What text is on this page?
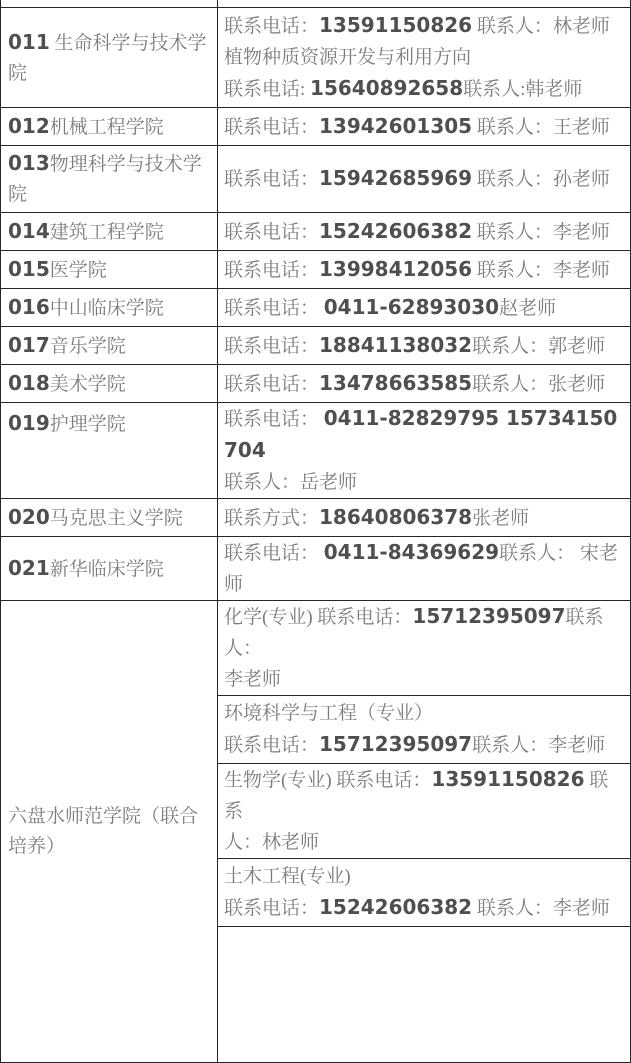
011 生命科学与技术学院	联系电话：13591150826 联系人：林老师
植物种质资源开发与利用方向
联系电话: 15640892658联系人:韩老师

012机械工程学院	联系电话：13942601305 联系人：王老师

013物理科学与技术学院	联系电话：15942685969 联系人：孙老师

014建筑工程学院	联系电话：15242606382 联系人：李老师

015医学院	联系电话：13998412056 联系人：李老师

016中山临床学院	联系电话： 0411-62893030赵老师

017音乐学院	联系电话：18841138032联系人：郭老师

018美术学院	联系电话：13478663585联系人：张老师

019护理学院	联系电话： 0411-82829795 15734150704
联系人：岳老师

020马克思主义学院	联系方式：18640806378张老师

021新华临床学院	联系电话： 0411-84369629联系人： 宋老师

六盘水师范学院（联合培养）	化学(专业) 联系电话：15712395097联系人：
李老师

	环境科学与工程（专业）
联系电话：15712395097联系人：李老师

	生物学(专业) 联系电话：13591150826 联系
人：林老师

	土木工程(专业)
联系电话：15242606382 联系人：李老师
